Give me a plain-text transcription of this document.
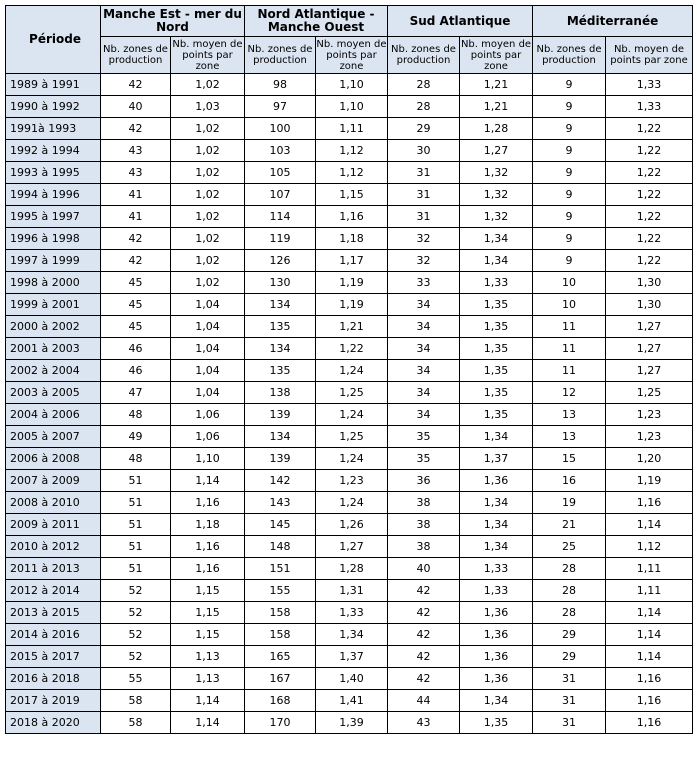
Période	Manche Est - mer du Nord		Nord Atlantique - Manche Ouest		Sud Atlantique		Méditerranée	
	Nb. zones de production	Nb. moyen de points par zone	Nb. zones de production	Nb. moyen de points par zone	Nb. zones de production	Nb. moyen de points par zone	Nb. zones de production	Nb. moyen de points par zone
1989 à 1991	42	1,02	98	1,10	28	1,21	9	1,33
1990 à 1992	40	1,03	97	1,10	28	1,21	9	1,33
1991à 1993	42	1,02	100	1,11	29	1,28	9	1,22
1992 à 1994	43	1,02	103	1,12	30	1,27	9	1,22
1993 à 1995	43	1,02	105	1,12	31	1,32	9	1,22
1994 à 1996	41	1,02	107	1,15	31	1,32	9	1,22
1995 à 1997	41	1,02	114	1,16	31	1,32	9	1,22
1996 à 1998	42	1,02	119	1,18	32	1,34	9	1,22
1997 à 1999	42	1,02	126	1,17	32	1,34	9	1,22
1998 à 2000	45	1,02	130	1,19	33	1,33	10	1,30
1999 à 2001	45	1,04	134	1,19	34	1,35	10	1,30
2000 à 2002	45	1,04	135	1,21	34	1,35	11	1,27
2001 à 2003	46	1,04	134	1,22	34	1,35	11	1,27
2002 à 2004	46	1,04	135	1,24	34	1,35	11	1,27
2003 à 2005	47	1,04	138	1,25	34	1,35	12	1,25
2004 à 2006	48	1,06	139	1,24	34	1,35	13	1,23
2005 à 2007	49	1,06	134	1,25	35	1,34	13	1,23
2006 à 2008	48	1,10	139	1,24	35	1,37	15	1,20
2007 à 2009	51	1,14	142	1,23	36	1,36	16	1,19
2008 à 2010	51	1,16	143	1,24	38	1,34	19	1,16
2009 à 2011	51	1,18	145	1,26	38	1,34	21	1,14
2010 à 2012	51	1,16	148	1,27	38	1,34	25	1,12
2011 à 2013	51	1,16	151	1,28	40	1,33	28	1,11
2012 à 2014	52	1,15	155	1,31	42	1,33	28	1,11
2013 à 2015	52	1,15	158	1,33	42	1,36	28	1,14
2014 à 2016	52	1,15	158	1,34	42	1,36	29	1,14
2015 à 2017	52	1,13	165	1,37	42	1,36	29	1,14
2016 à 2018	55	1,13	167	1,40	42	1,36	31	1,16
2017 à 2019	58	1,14	168	1,41	44	1,34	31	1,16
2018 à 2020	58	1,14	170	1,39	43	1,35	31	1,16
